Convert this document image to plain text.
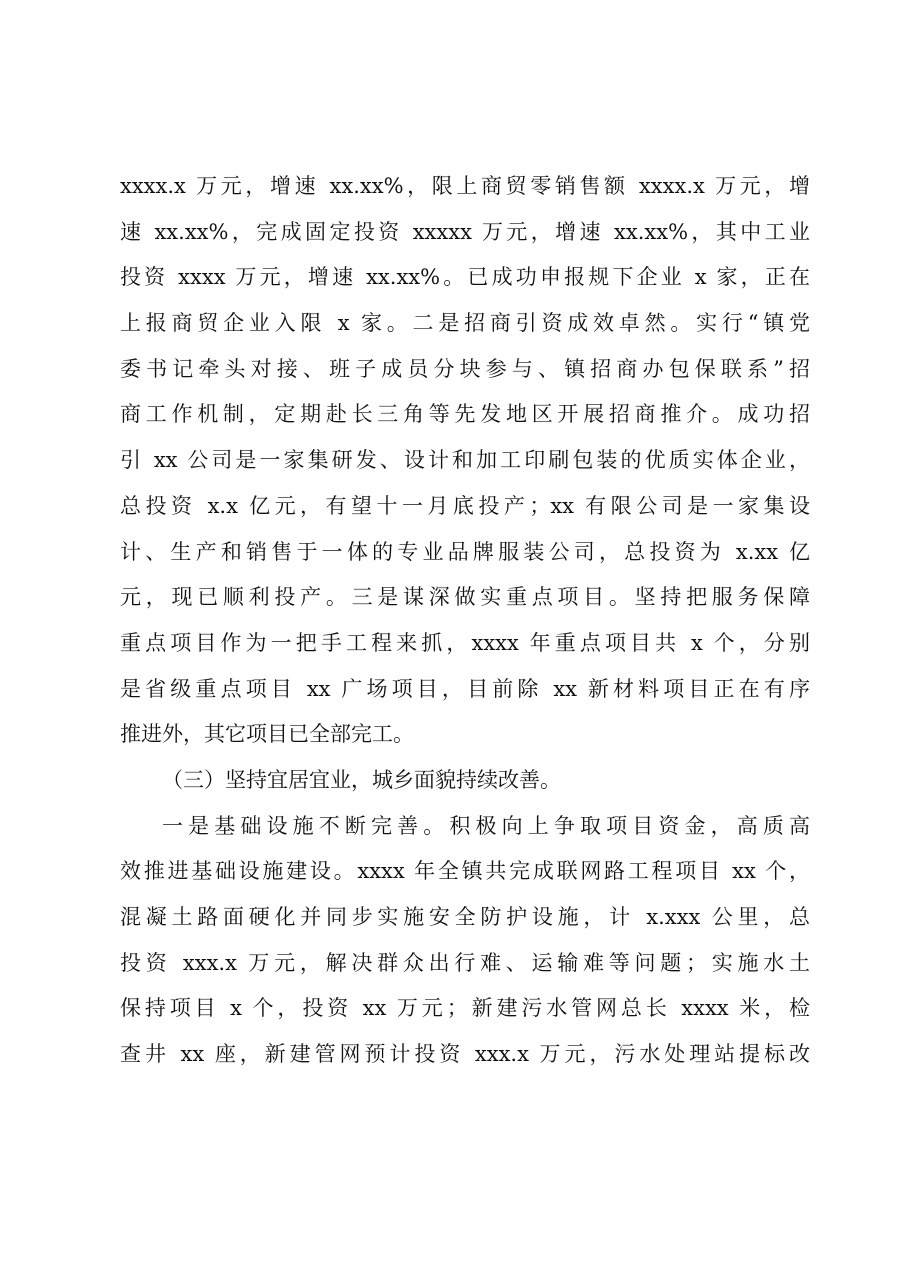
xxxx.x 万元，增速 xx.xx%，限上商贸零销售额 xxxx.x 万元，增
速 xx.xx%，完成固定投资 xxxxx 万元，增速 xx.xx%，其中工业
投资 xxxx 万元，增速 xx.xx%。已成功申报规下企业 x 家，正在
上报商贸企业入限 x 家。二是招商引资成效卓然。实行“镇党
委书记牵头对接、班子成员分块参与、镇招商办包保联系”招
商工作机制，定期赴长三角等先发地区开展招商推介。成功招
引 xx 公司是一家集研发、设计和加工印刷包装的优质实体企业，
总投资 x.x 亿元，有望十一月底投产；xx 有限公司是一家集设
计、生产和销售于一体的专业品牌服装公司，总投资为 x.xx 亿
元，现已顺利投产。三是谋深做实重点项目。坚持把服务保障
重点项目作为一把手工程来抓，xxxx 年重点项目共 x 个，分别
是省级重点项目 xx 广场项目，目前除 xx 新材料项目正在有序
推进外，其它项目已全部完工。
（三）坚持宜居宜业，城乡面貌持续改善。
一是基础设施不断完善。积极向上争取项目资金，高质高
效推进基础设施建设。xxxx 年全镇共完成联网路工程项目 xx 个，
混凝土路面硬化并同步实施安全防护设施，计 x.xxx 公里，总
投资 xxx.x 万元，解决群众出行难、运输难等问题；实施水土
保持项目 x 个，投资 xx 万元；新建污水管网总长 xxxx 米，检
查井 xx 座，新建管网预计投资 xxx.x 万元，污水处理站提标改
